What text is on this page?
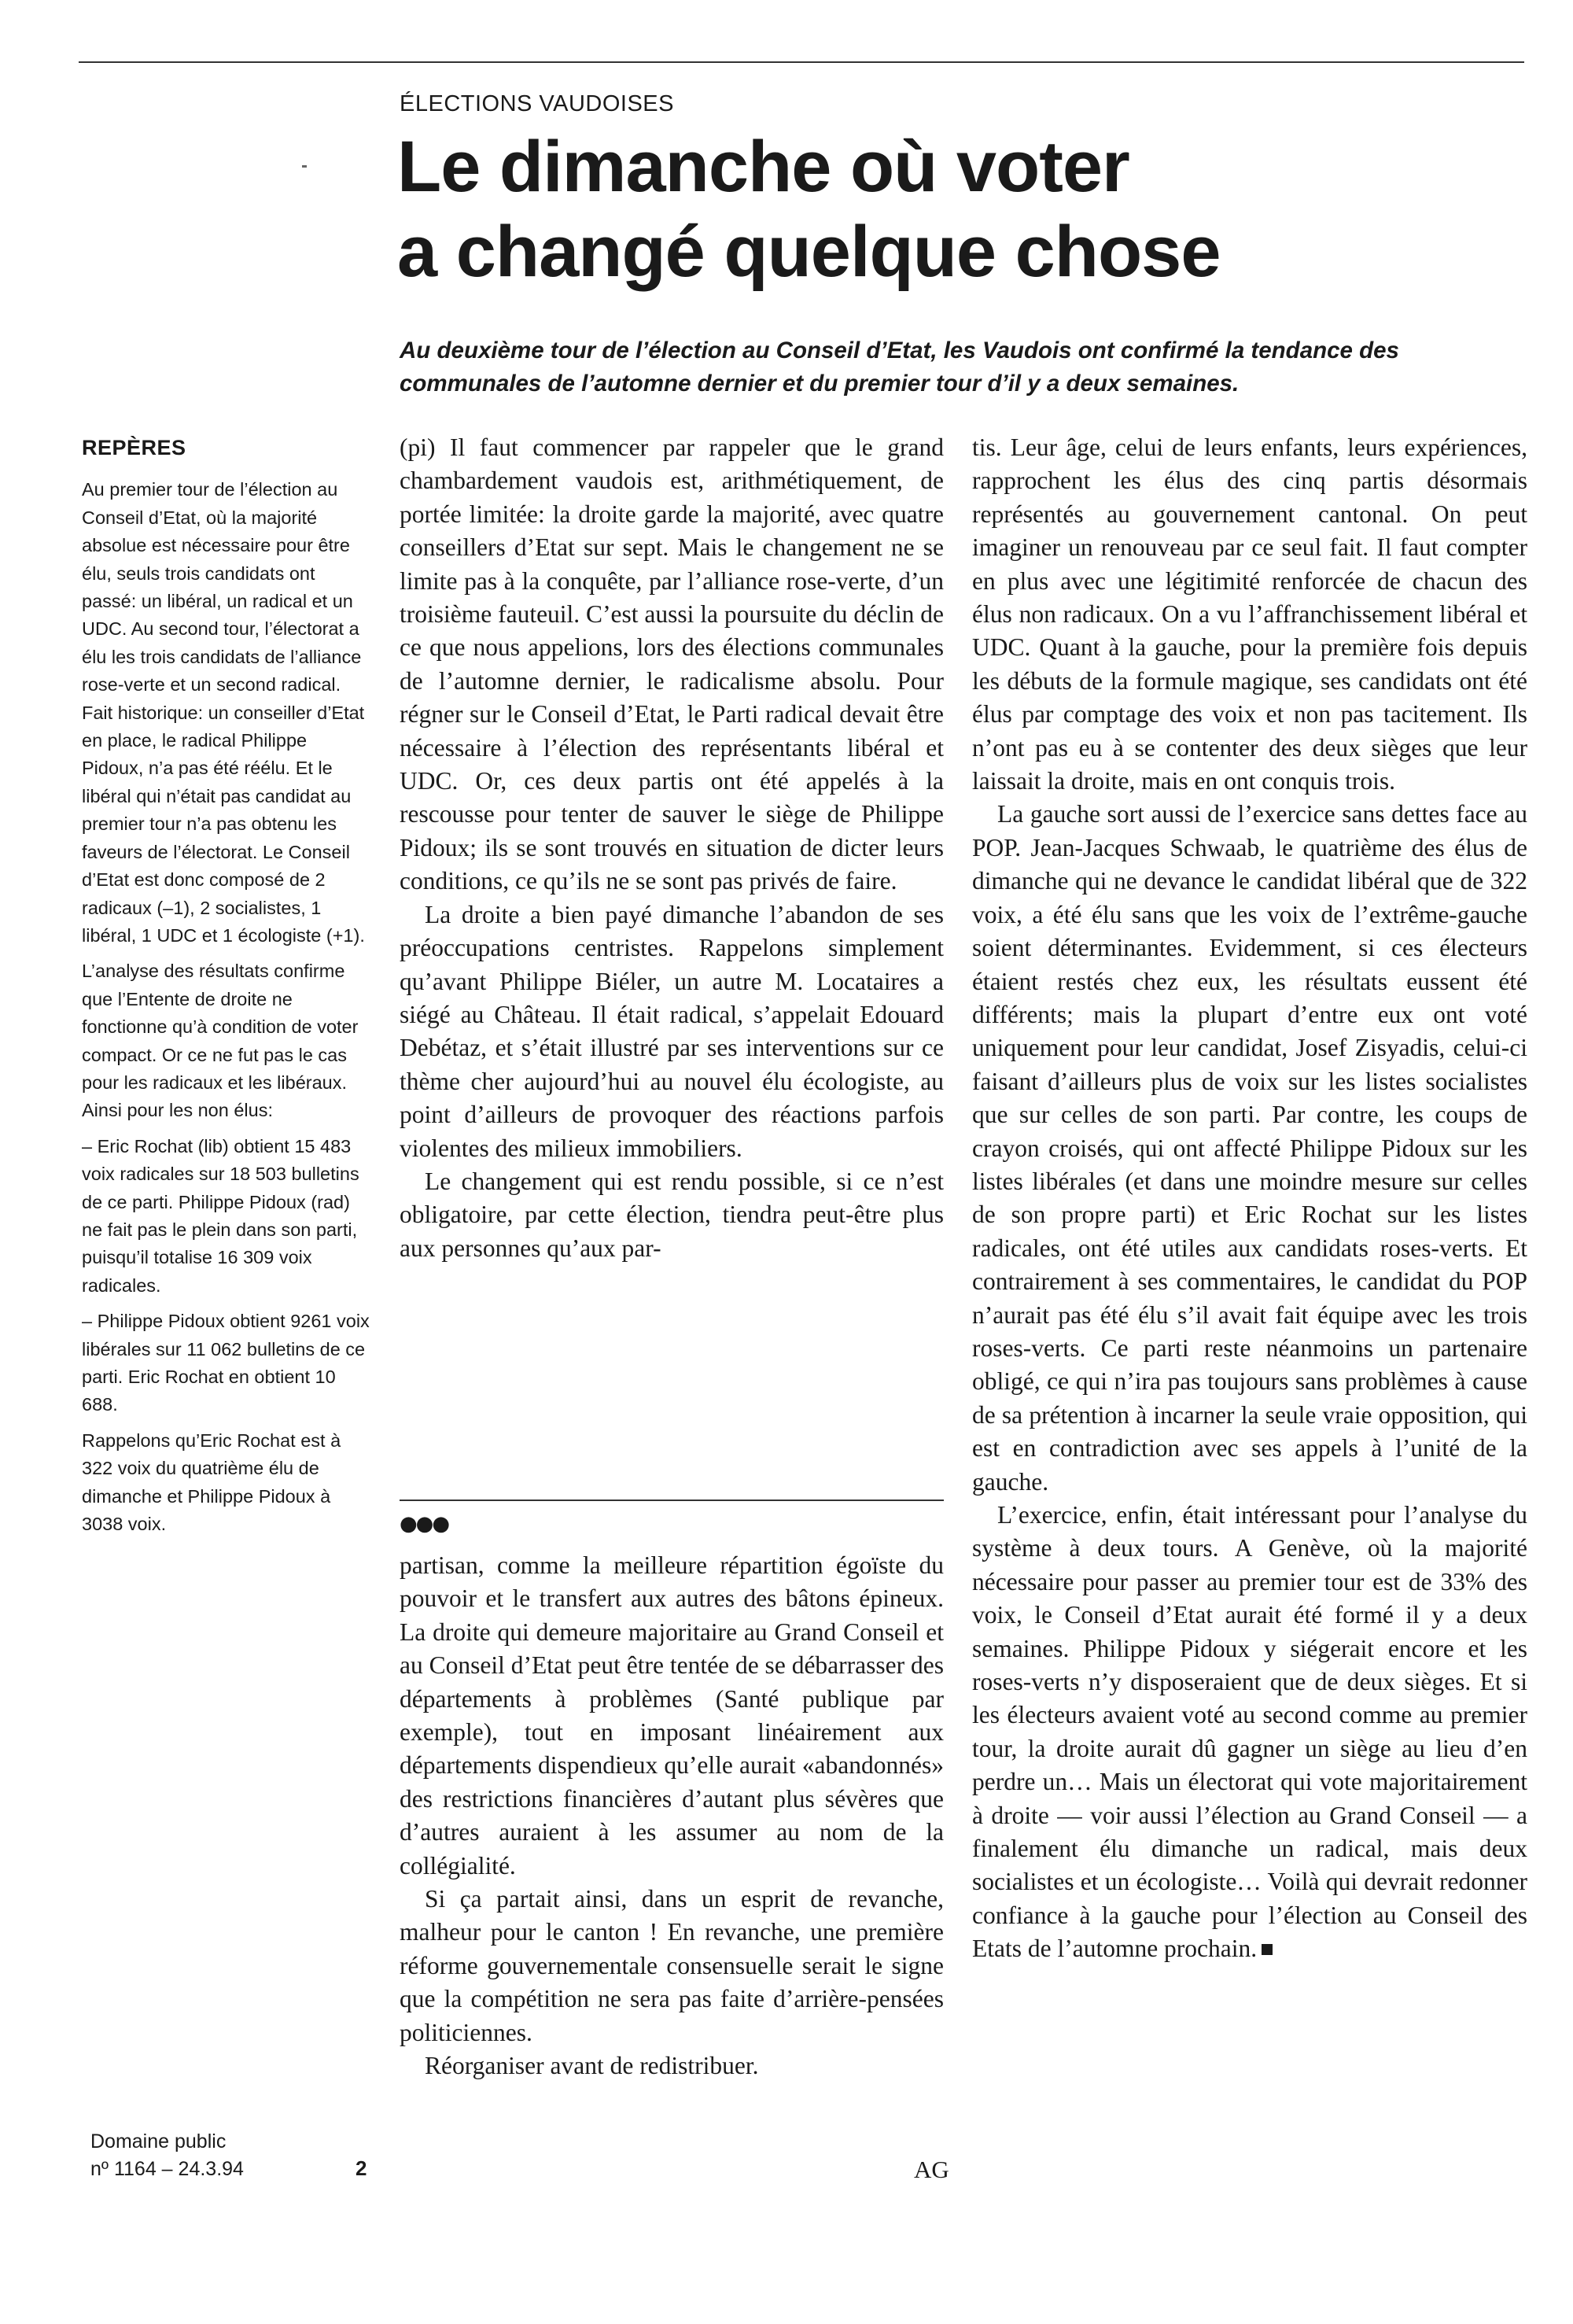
ÉLECTIONS VAUDOISES
Le dimanche où voter
a changé quelque chose
Au deuxième tour de l’élection au Conseil d’Etat, les Vaudois ont confirmé la tendance des communales de l’automne dernier et du premier tour d’il y a deux semaines.
REPÈRES

Au premier tour de l’élection au Conseil d’Etat, où la majorité absolue est nécessaire pour être élu, seuls trois candidats ont passé: un libéral, un radical et un UDC. Au second tour, l’électorat a élu les trois candidats de l’alliance rose-verte et un second radical. Fait historique: un conseiller d’Etat en place, le radical Philippe Pidoux, n’a pas été réélu. Et le libéral qui n’était pas candidat au premier tour n’a pas obtenu les faveurs de l’électorat. Le Conseil d’Etat est donc composé de 2 radicaux (–1), 2 socialistes, 1 libéral, 1 UDC et 1 écologiste (+1).

L’analyse des résultats confirme que l’Entente de droite ne fonctionne qu’à condition de voter compact. Or ce ne fut pas le cas pour les radicaux et les libéraux. Ainsi pour les non élus:

– Eric Rochat (lib) obtient 15 483 voix radicales sur 18 503 bulletins de ce parti. Philippe Pidoux (rad) ne fait pas le plein dans son parti, puisqu’il totalise 16 309 voix radicales.

– Philippe Pidoux obtient 9261 voix libérales sur 11 062 bulletins de ce parti. Eric Rochat en obtient 10 688.

Rappelons qu’Eric Rochat est à 322 voix du quatrième élu de dimanche et Philippe Pidoux à 3038 voix.

(pi) Il faut commencer par rappeler que le grand chambardement vaudois est, arithmétiquement, de portée limitée: la droite garde la majorité, avec quatre conseillers d’Etat sur sept. Mais le changement ne se limite pas à la conquête, par l’alliance rose-verte, d’un troisième fauteuil. C’est aussi la poursuite du déclin de ce que nous appelions, lors des élections communales de l’automne dernier, le radicalisme absolu. Pour régner sur le Conseil d’Etat, le Parti radical devait être nécessaire à l’élection des représentants libéral et UDC. Or, ces deux partis ont été appelés à la rescousse pour tenter de sauver le siège de Philippe Pidoux; ils se sont trouvés en situation de dicter leurs conditions, ce qu’ils ne se sont pas privés de faire.

La droite a bien payé dimanche l’abandon de ses préoccupations centristes. Rappelons simplement qu’avant Philippe Biéler, un autre M. Locataires a siégé au Château. Il était radical, s’appelait Edouard Debétaz, et s’était illustré par ses interventions sur ce thème cher aujourd’hui au nouvel élu écologiste, au point d’ailleurs de provoquer des réactions parfois violentes des milieux immobiliers.

Le changement qui est rendu possible, si ce n’est obligatoire, par cette élection, tiendra peut-être plus aux personnes qu’aux par-

●●●

partisan, comme la meilleure répartition égoïste du pouvoir et le transfert aux autres des bâtons épineux. La droite qui demeure majoritaire au Grand Conseil et au Conseil d’Etat peut être tentée de se débarrasser des départements à problèmes (Santé publique par exemple), tout en imposant linéairement aux départements dispendieux qu’elle aurait «abandonnés» des restrictions financières d’autant plus sévères que d’autres auraient à les assumer au nom de la collégialité.

Si ça partait ainsi, dans un esprit de revanche, malheur pour le canton ! En revanche, une première réforme gouvernementale consensuelle serait le signe que la compétition ne sera pas faite d’arrière-pensées politiciennes.

Réorganiser avant de redistribuer.

AG

tis. Leur âge, celui de leurs enfants, leurs expériences, rapprochent les élus des cinq partis désormais représentés au gouvernement cantonal. On peut imaginer un renouveau par ce seul fait. Il faut compter en plus avec une légitimité renforcée de chacun des élus non radicaux. On a vu l’affranchissement libéral et UDC. Quant à la gauche, pour la première fois depuis les débuts de la formule magique, ses candidats ont été élus par comptage des voix et non pas tacitement. Ils n’ont pas eu à se contenter des deux sièges que leur laissait la droite, mais en ont conquis trois.

La gauche sort aussi de l’exercice sans dettes face au POP. Jean-Jacques Schwaab, le quatrième des élus de dimanche qui ne devance le candidat libéral que de 322 voix, a été élu sans que les voix de l’extrême-gauche soient déterminantes. Evidemment, si ces électeurs étaient restés chez eux, les résultats eussent été différents; mais la plupart d’entre eux ont voté uniquement pour leur candidat, Josef Zisyadis, celui-ci faisant d’ailleurs plus de voix sur les listes socialistes que sur celles de son parti. Par contre, les coups de crayon croisés, qui ont affecté Philippe Pidoux sur les listes libérales (et dans une moindre mesure sur celles de son propre parti) et Eric Rochat sur les listes radicales, ont été utiles aux candidats roses-verts. Et contrairement à ses commentaires, le candidat du POP n’aurait pas été élu s’il avait fait équipe avec les trois roses-verts. Ce parti reste néanmoins un partenaire obligé, ce qui n’ira pas toujours sans problèmes à cause de sa prétention à incarner la seule vraie opposition, qui est en contradiction avec ses appels à l’unité de la gauche.

L’exercice, enfin, était intéressant pour l’analyse du système à deux tours. A Genève, où la majorité nécessaire pour passer au premier tour est de 33% des voix, le Conseil d’Etat aurait été formé il y a deux semaines. Philippe Pidoux y siégerait encore et les roses-verts n’y disposeraient que de deux sièges. Et si les électeurs avaient voté au second comme au premier tour, la droite aurait dû gagner un siège au lieu d’en perdre un… Mais un électorat qui vote majoritairement à droite — voir aussi l’élection au Grand Conseil — a finalement élu dimanche un radical, mais deux socialistes et un écologiste… Voilà qui devrait redonner confiance à la gauche pour l’élection au Conseil des Etats de l’automne prochain.

Domaine public
nº 1164 – 24.3.94	2
